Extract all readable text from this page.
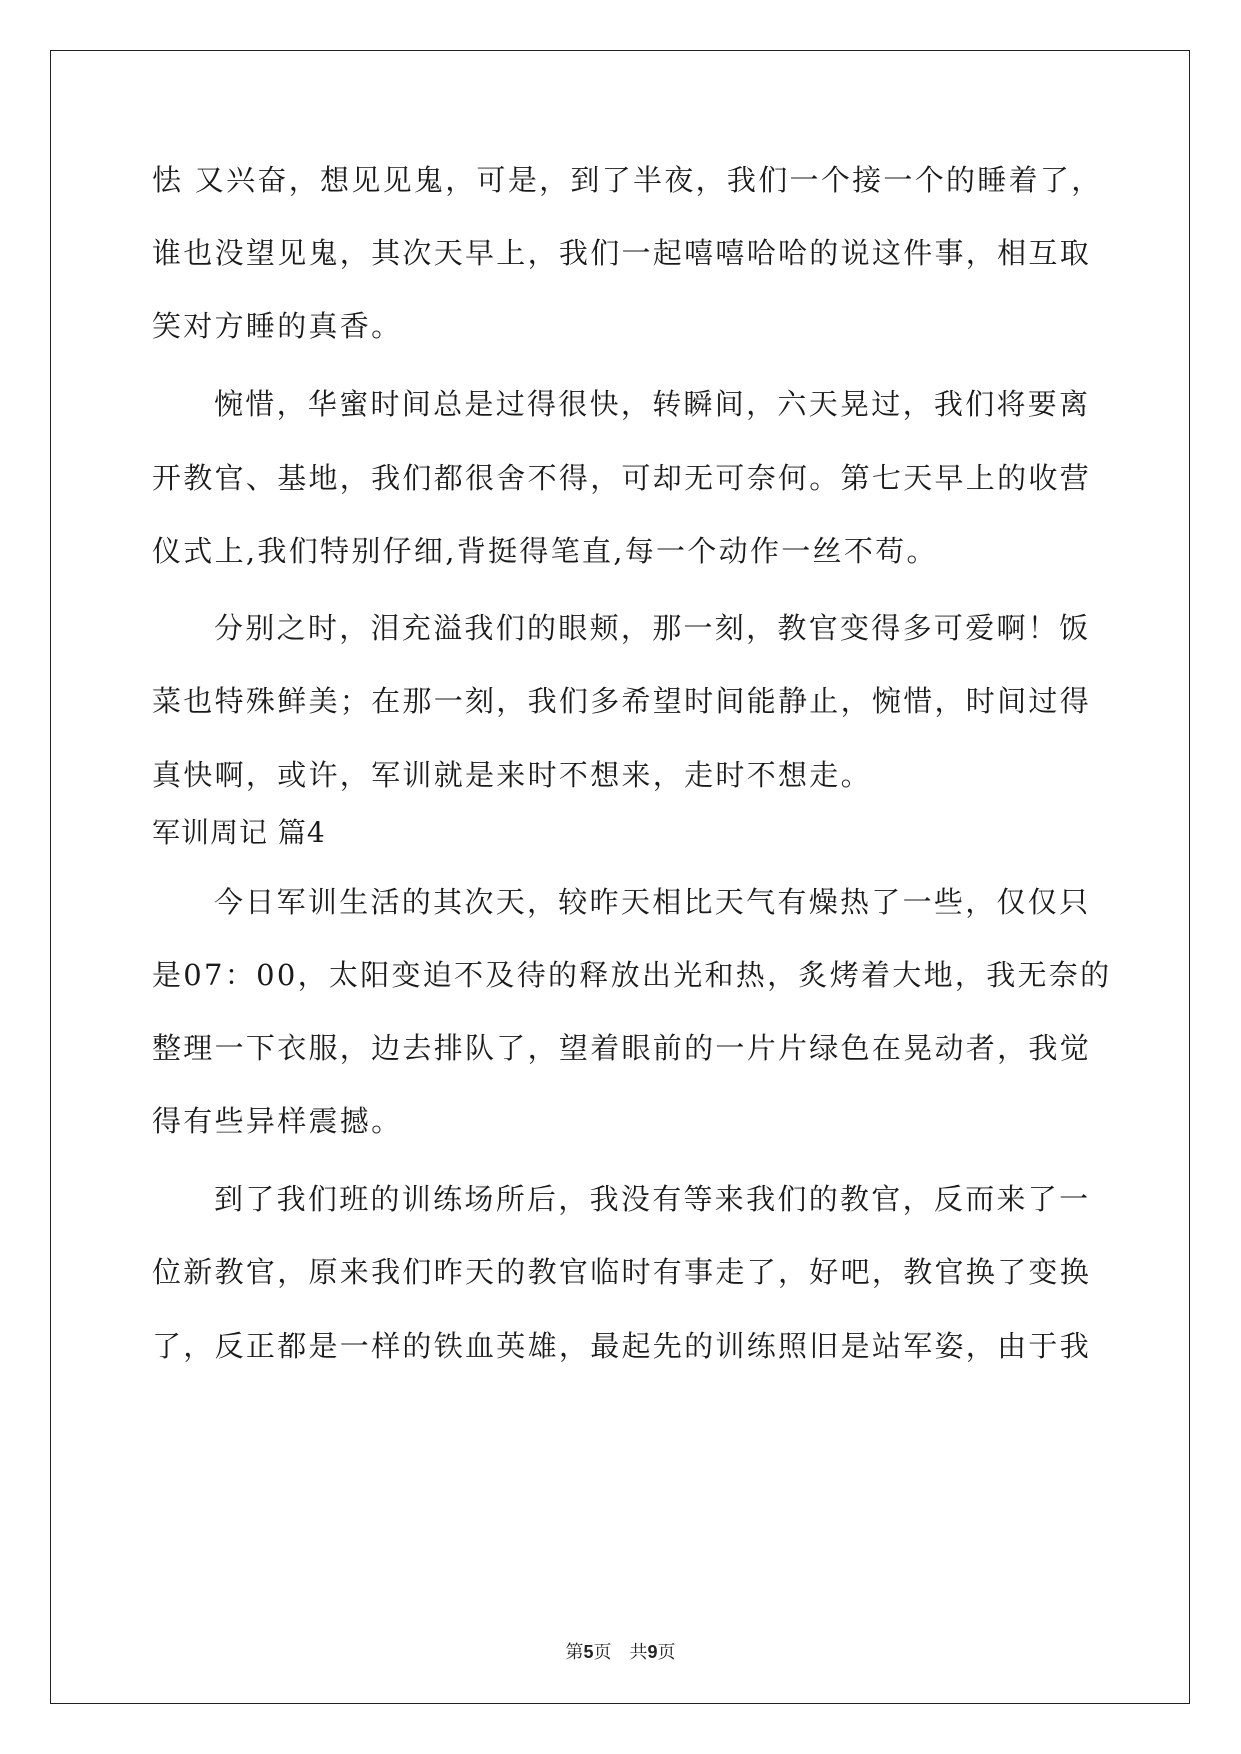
怯 又兴奋，想见见鬼，可是，到了半夜，我们一个接一个的睡着了，
谁也没望见鬼，其次天早上，我们一起嘻嘻哈哈的说这件事，相互取
笑对方睡的真香。
惋惜，华蜜时间总是过得很快，转瞬间，六天晃过，我们将要离
开教官、基地，我们都很舍不得，可却无可奈何。第七天早上的收营
仪式上,我们特别仔细,背挺得笔直,每一个动作一丝不苟。
分别之时，泪充溢我们的眼颊，那一刻，教官变得多可爱啊！饭
菜也特殊鲜美；在那一刻，我们多希望时间能静止，惋惜，时间过得
真快啊，或许，军训就是来时不想来，走时不想走。
军训周记 篇4
今日军训生活的其次天，较昨天相比天气有燥热了一些，仅仅只
是07：00，太阳变迫不及待的释放出光和热，炙烤着大地，我无奈的
整理一下衣服，边去排队了，望着眼前的一片片绿色在晃动者，我觉
得有些异样震撼。
到了我们班的训练场所后，我没有等来我们的教官，反而来了一
位新教官，原来我们昨天的教官临时有事走了，好吧，教官换了变换
了，反正都是一样的铁血英雄，最起先的训练照旧是站军姿，由于我
第5页　共9页
